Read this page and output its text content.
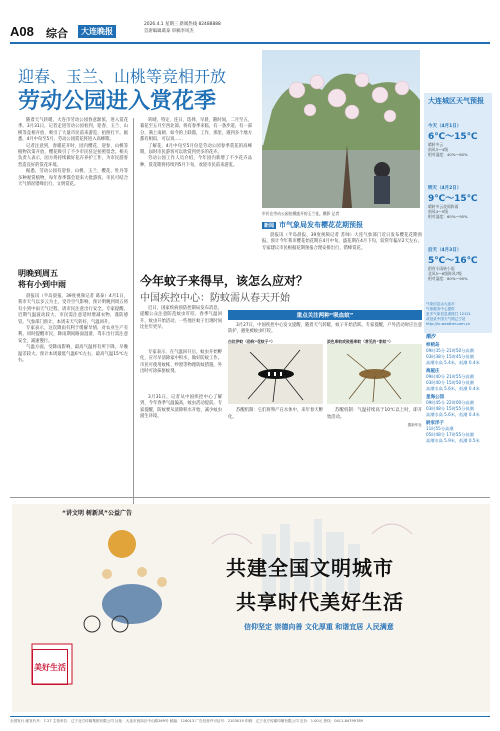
A08 综合	大连晚报
2026.4.1 星期三 新闻热线 82488888
首席编辑葛泰 审稿李凤杰
迎春、玉兰、山桃等竞相开放
劳动公园进入赏花季
市民在劳动公园拍摄盛开的玉兰花。摄影 记者
大连城区天气预报
今天（4月1日）
6℃～15℃
晴转多云
南风3～4级
相对湿度：40%～80%
明天（4月2日）
9℃～15℃
晴转多云夜间阵雨
南风4～5级
相对湿度：60%～95%
后天（4月3日）
5℃～16℃
阴有小雨转小雨
北风5～6级阵风7级
相对湿度：60%～90%
气象信息由大连市
气象服务中心提供
更多气象信息请拨打 12121
或登录中国天气网辽宁站
http://ln.weather.com.cn
潮汐
梓梧岛
09时35分 21时50分高潮
03时38分 15时45分低潮
高潮水高 5.4米，低潮 0.4米
海屋庄
09时40分 21时55分高潮
03时40分 15时50分低潮
高潮水高 5.6米，低潮 0.4米
星海公园
09时45分 22时00分高潮
03时48分 15时55分低潮
高潮水高 5.6米，低潮 0.4米
尉家洋子
11时55分高潮
05时48分 17时55分低潮
高潮水高 5.9米，低潮 0.5米

随着天气转暖，大连市劳动公园春意渐浓，进入赏花季。3月31日，记者走进劳动公园看到，迎春、玉兰、山桃等竞相开放，吸引了大量市民前来游览、拍照打卡。据悉，4月中旬至5月，劳动公园赏花将进入高峰期。

记者注意到，春暖花开时，园内樱花、迎春、山桃等植物次第开放，樱花吸引了不少市民驻足拍照留念。相关负责人表示，园方将持续做好花卉养护工作，为市民游客营造良好的赏花环境。

据悉，劳动公园有迎春、山桃、玉兰、樱花、牡丹等多种观赏植物，每年春季都会迎来大批游客。市民可结合天气情况错峰出行，文明赏花。

转晴，特定、连日、选择、早晨，随时间，二月至五、暮花至五月至西北部。将有春季来临，有一条步道，有一部分、满上南朝、如今的上联都，工作、那里，遇到多个地方都有相似，可以说……

了解花，4月中旬至5月份是劳动公园春季赏花的高峰期，届时市民游客可以欣赏到更多的花卉。

劳动公园工作人员介绍，今年园内新增了不少花卉品种，赏花期将持续到5月下旬，欢迎市民前来游览。

明晚到周五
将有小到中雨

晨报讯（半岛晨报、39度视频记者 葛泰）4月1日，我市天气以多云为主，受冷空气影响，预计明晚到周五将有小到中雨天气过程，请市民注意出行安全。专家提醒，近期气温波动较大，市民需注意适时增减衣物，谨防感冒。气象部门预计，本周末天气转好，气温回升。

专家表示，这次降雨有利于缓解旱情，对农业生产有利。同时提醒市民，降雨期间路面湿滑，驾车出行需注意安全，减速慢行。

气温方面，受降雨影响，最高气温将有所下降，早晚温差较大。预计本周最低气温6℃左右，最高气温15℃左右。

新闻 市气象局发布樱花花期预报

晨报讯（半岛晨报、39度视频记者 苏帅）大连气象部门近日发布樱花花期预报。预计今年我市樱花始花期在4月中旬，盛花期在4月下旬，较常年偏早2天左右。专家建议市民根据花期预报合理安排出行，错峰赏花。

今年蚊子来得早，该怎么应对？
中国疾控中心：防蚊需从春天开始
近日，国家疾病预防控制局发布消息，提醒公众注意防范蚊虫叮咬。春季气温回升，蚊虫开始活动，一些地区蚊子出现时间比往年更早。
专家表示，在气温回升后，蚊虫开始孵化，应尽早清除家中积水，做好防蚊工作。市民可使用蚊帐、纱窗等物理防蚊措施，外出时可涂抹驱蚊剂。
3月31日，记者从中国疾控中心了解到，今年春季气温偏高，蚊虫活动提前。专家提醒，防蚊要从清除积水开始，减少蚊虫滋生环境。
重点关注两种“吸血蚊”

3月27日，中国疾控中心发文提醒，随着天气转暖，蚊子开始活跃。专家提醒，户外活动时应注意防护，避免被蚊虫叮咬。

白纹伊蚊（俗称“花蚊子”）

苏醒机制：它们将卵产在水体中，来年春天孵化。

淡色库蚊或致倦库蚊（常见的“家蚊”）

苏醒机制：气温持续高于10℃以上时，即开始活动。

据新华社
“讲文明 树新风”公益广告
共建全国文明城市
共享时代美好生活
信仰坚定 崇德向善 文化厚重 和谐宜居 人民满意
美好生活
全国发行 邮发代号：7-27 主管单位：辽宁北方传媒集团有限公司 社址：大连市西岗区中山路269号 邮编：116013 广告经营许可证号：2103019 印刷：辽宁北方传媒印刷有限公司 定价：1.00元 热线：0411-84799789
